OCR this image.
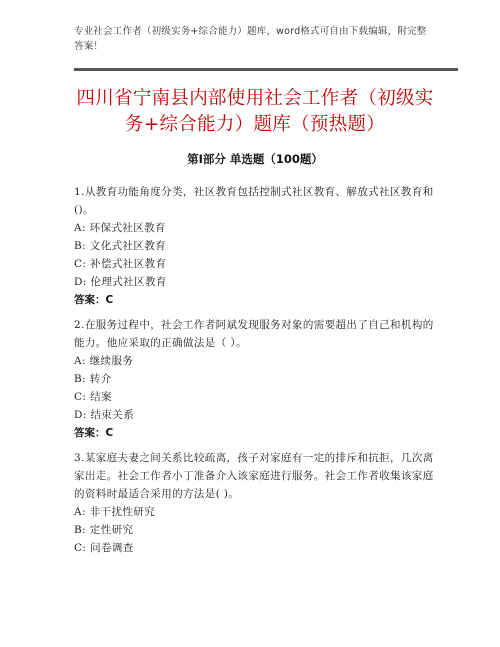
专业社会工作者（初级实务+综合能力）题库，word格式可自由下载编辑，附完整答案！
四川省宁南县内部使用社会工作者（初级实务+综合能力）题库（预热题）
第Ⅰ部分 单选题（100题）
1.从教育功能角度分类，社区教育包括控制式社区教育、解放式社区教育和()。
A: 环保式社区教育
B: 文化式社区教育
C: 补偿式社区教育
D: 伦理式社区教育
答案：C
2.在服务过程中，社会工作者阿斌发现服务对象的需要超出了自己和机构的能力。他应采取的正确做法是（ ）。
A: 继续服务
B: 转介
C: 结案
D: 结束关系
答案：C
3.某家庭夫妻之间关系比较疏离，孩子对家庭有一定的排斥和抗拒，几次离家出走。社会工作者小丁准备介入该家庭进行服务。社会工作者收集该家庭的资料时最适合采用的方法是( )。
A: 非干扰性研究
B: 定性研究
C: 问卷调查
